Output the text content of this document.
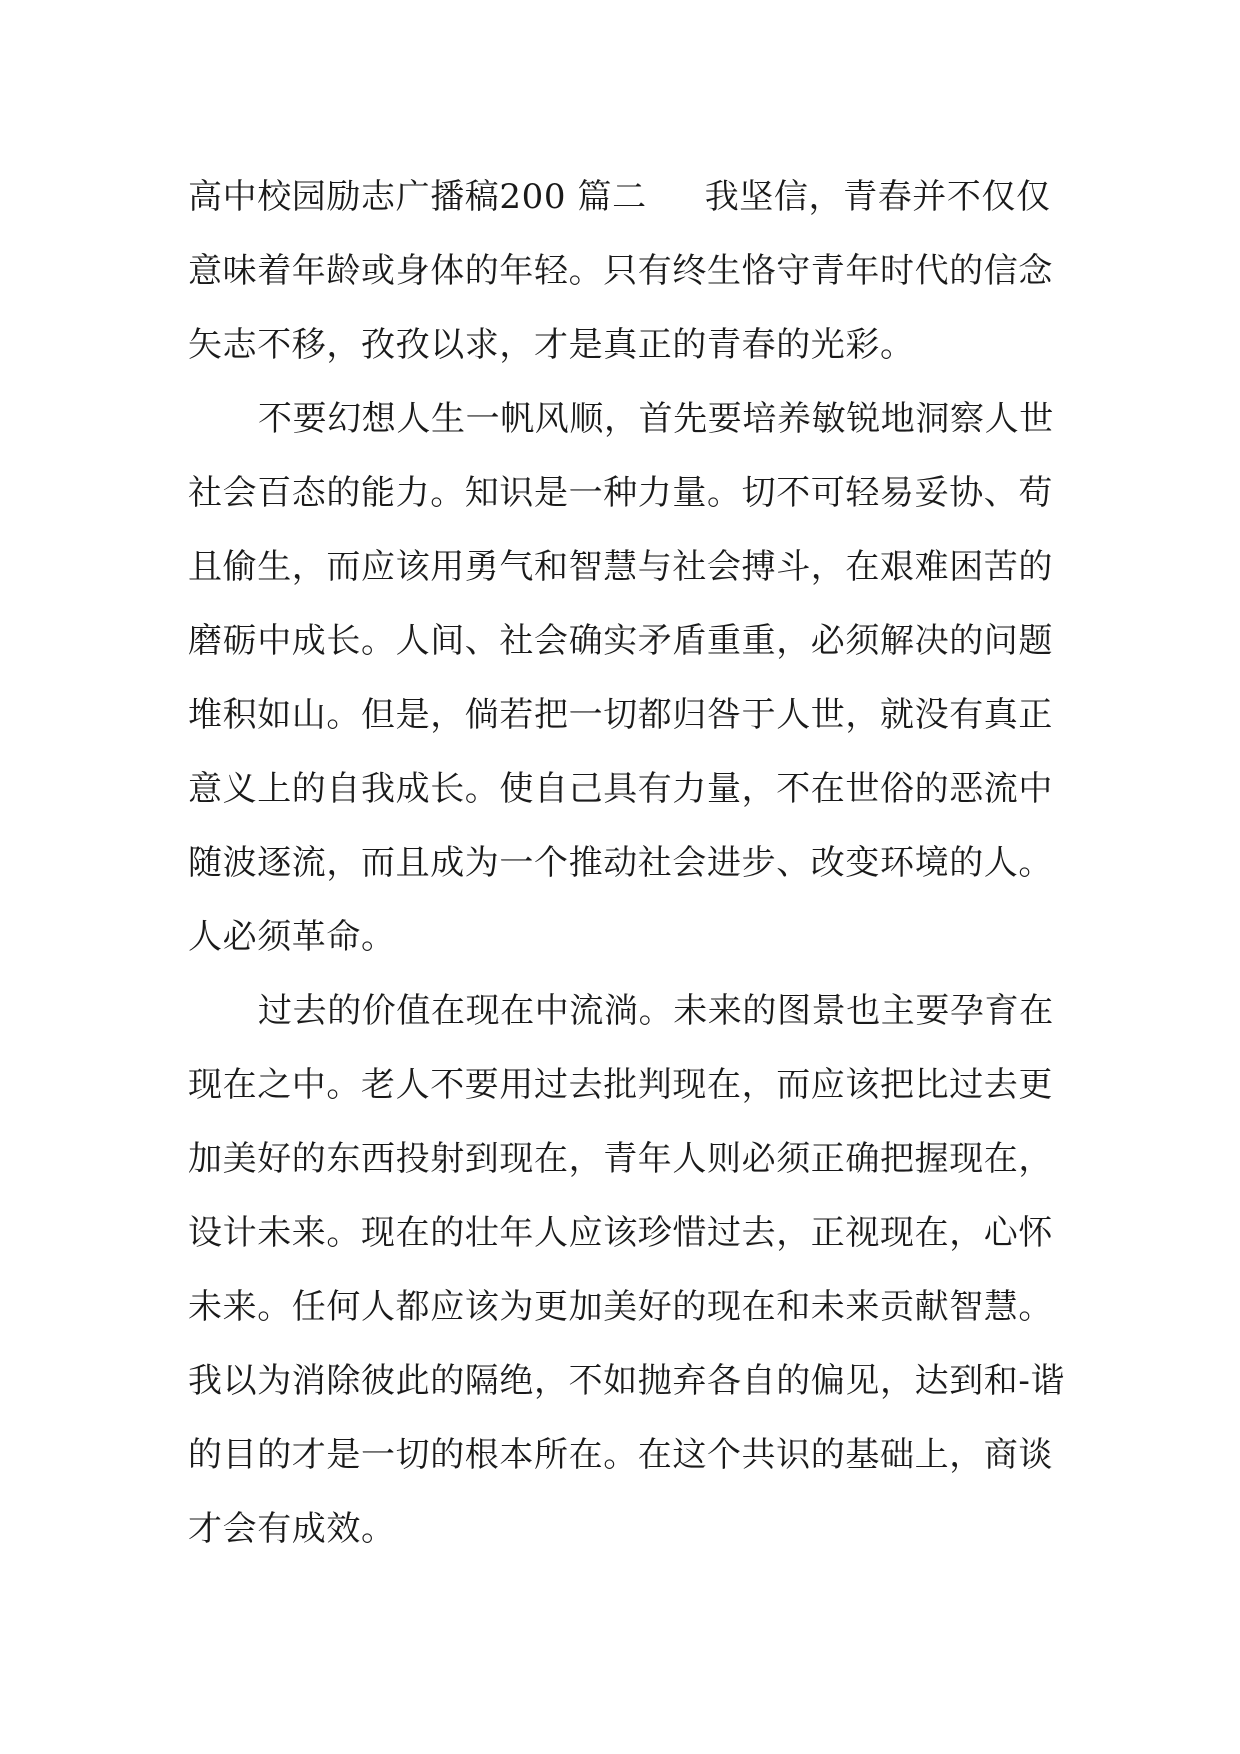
高中校园励志广播稿200 篇二 我坚信，青春并不仅仅
意味着年龄或身体的年轻。只有终生恪守青年时代的信念
矢志不移，孜孜以求，才是真正的青春的光彩。
不要幻想人生一帆风顺，首先要培养敏锐地洞察人世
社会百态的能力。知识是一种力量。切不可轻易妥协、苟
且偷生，而应该用勇气和智慧与社会搏斗，在艰难困苦的
磨砺中成长。人间、社会确实矛盾重重，必须解决的问题
堆积如山。但是，倘若把一切都归咎于人世，就没有真正
意义上的自我成长。使自己具有力量，不在世俗的恶流中
随波逐流，而且成为一个推动社会进步、改变环境的人。
人必须革命。
过去的价值在现在中流淌。未来的图景也主要孕育在
现在之中。老人不要用过去批判现在，而应该把比过去更
加美好的东西投射到现在，青年人则必须正确把握现在，
设计未来。现在的壮年人应该珍惜过去，正视现在，心怀
未来。任何人都应该为更加美好的现在和未来贡献智慧。
我以为消除彼此的隔绝，不如抛弃各自的偏见，达到和-谐
的目的才是一切的根本所在。在这个共识的基础上，商谈
才会有成效。
